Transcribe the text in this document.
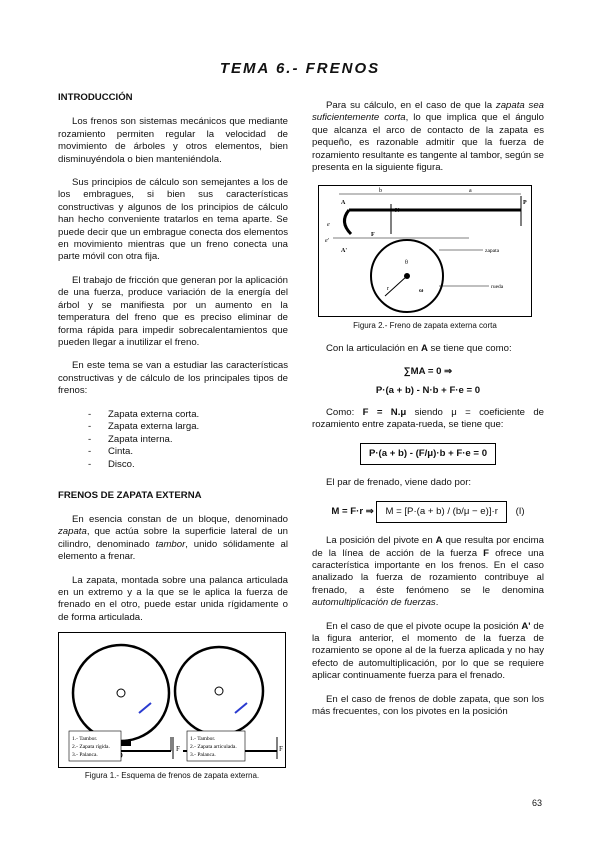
TEMA 6.- FRENOS
INTRODUCCIÓN

Los frenos son sistemas mecánicos que mediante rozamiento permiten regular la velocidad de movimiento de árboles y otros elementos, bien disminuyéndola o bien manteniéndola.

Sus principios de cálculo son semejantes a los de los embragues, si bien sus características constructivas y algunos de los principios de cálculo han hecho conveniente tratarlos en tema aparte. Se puede decir que un embrague conecta dos elementos en movimiento mientras que un freno conecta una parte móvil con otra fija.

El trabajo de fricción que generan por la aplicación de una fuerza, produce variación de la energía del árbol y se manifiesta por un aumento en la temperatura del freno que es preciso eliminar de forma rápida para impedir sobrecalentamientos que pueden llegar a inutilizar el freno.

En este tema se van a estudiar las características constructivas y de cálculo de los principales tipos de frenos:

- Zapata externa corta.
- Zapata externa larga.
- Zapata interna.
- Cinta.
- Disco.
FRENOS DE ZAPATA EXTERNA

En esencia constan de un bloque, denominado zapata, que actúa sobre la superficie lateral de un cilindro, denominado tambor, unido sólidamente al elemento a frenar.

La zapata, montada sobre una palanca articulada en un extremo y a la que se le aplica la fuerza de frenado en el otro, puede estar unida rígidamente o de forma articulada.

F	F
1.- Tambor.
2.- Zapata rígida.
3.- Palanca.
1.- Tambor.
2.- Zapata articulada.
3.- Palanca.
Figura 1.- Esquema de frenos de zapata externa.

Para su cálculo, en el caso de que la zapata sea suficientemente corta, lo que implica que el ángulo que alcanza el arco de contacto de la zapata es pequeño, es razonable admitir que la fuerza de rozamiento resultante es tangente al tambor, según se presenta en la siguiente figura.

b	a
A
A'
P
N
e
e'
F
r
θ
ω
zapata
rueda
Figura 2.- Freno de zapata externa corta

Con la articulación en A se tiene que como:

∑MA = 0 ⇒
P·(a + b) - N·b + F·e = 0

Como: F = N.μ siendo μ = coeficiente de rozamiento entre zapata-rueda, se tiene que:

P·(a + b) - (F/μ)·b + F·e = 0

El par de frenado, viene dado por:

M = F·r ⇒ M = [P·(a + b) / (b/μ − e)]·r (I)

La posición del pivote en A que resulta por encima de la línea de acción de la fuerza F ofrece una característica importante en los frenos. En el caso analizado la fuerza de rozamiento contribuye al frenado, a éste fenómeno se le denomina automultiplicación de fuerzas.

En el caso de que el pivote ocupe la posición A' de la figura anterior, el momento de la fuerza de rozamiento se opone al de la fuerza aplicada y no hay efecto de automultiplicación, por lo que se requiere aplicar continuamente fuerza para el frenado.

En el caso de frenos de doble zapata, que son los más frecuentes, con los pivotes en la posición

63
